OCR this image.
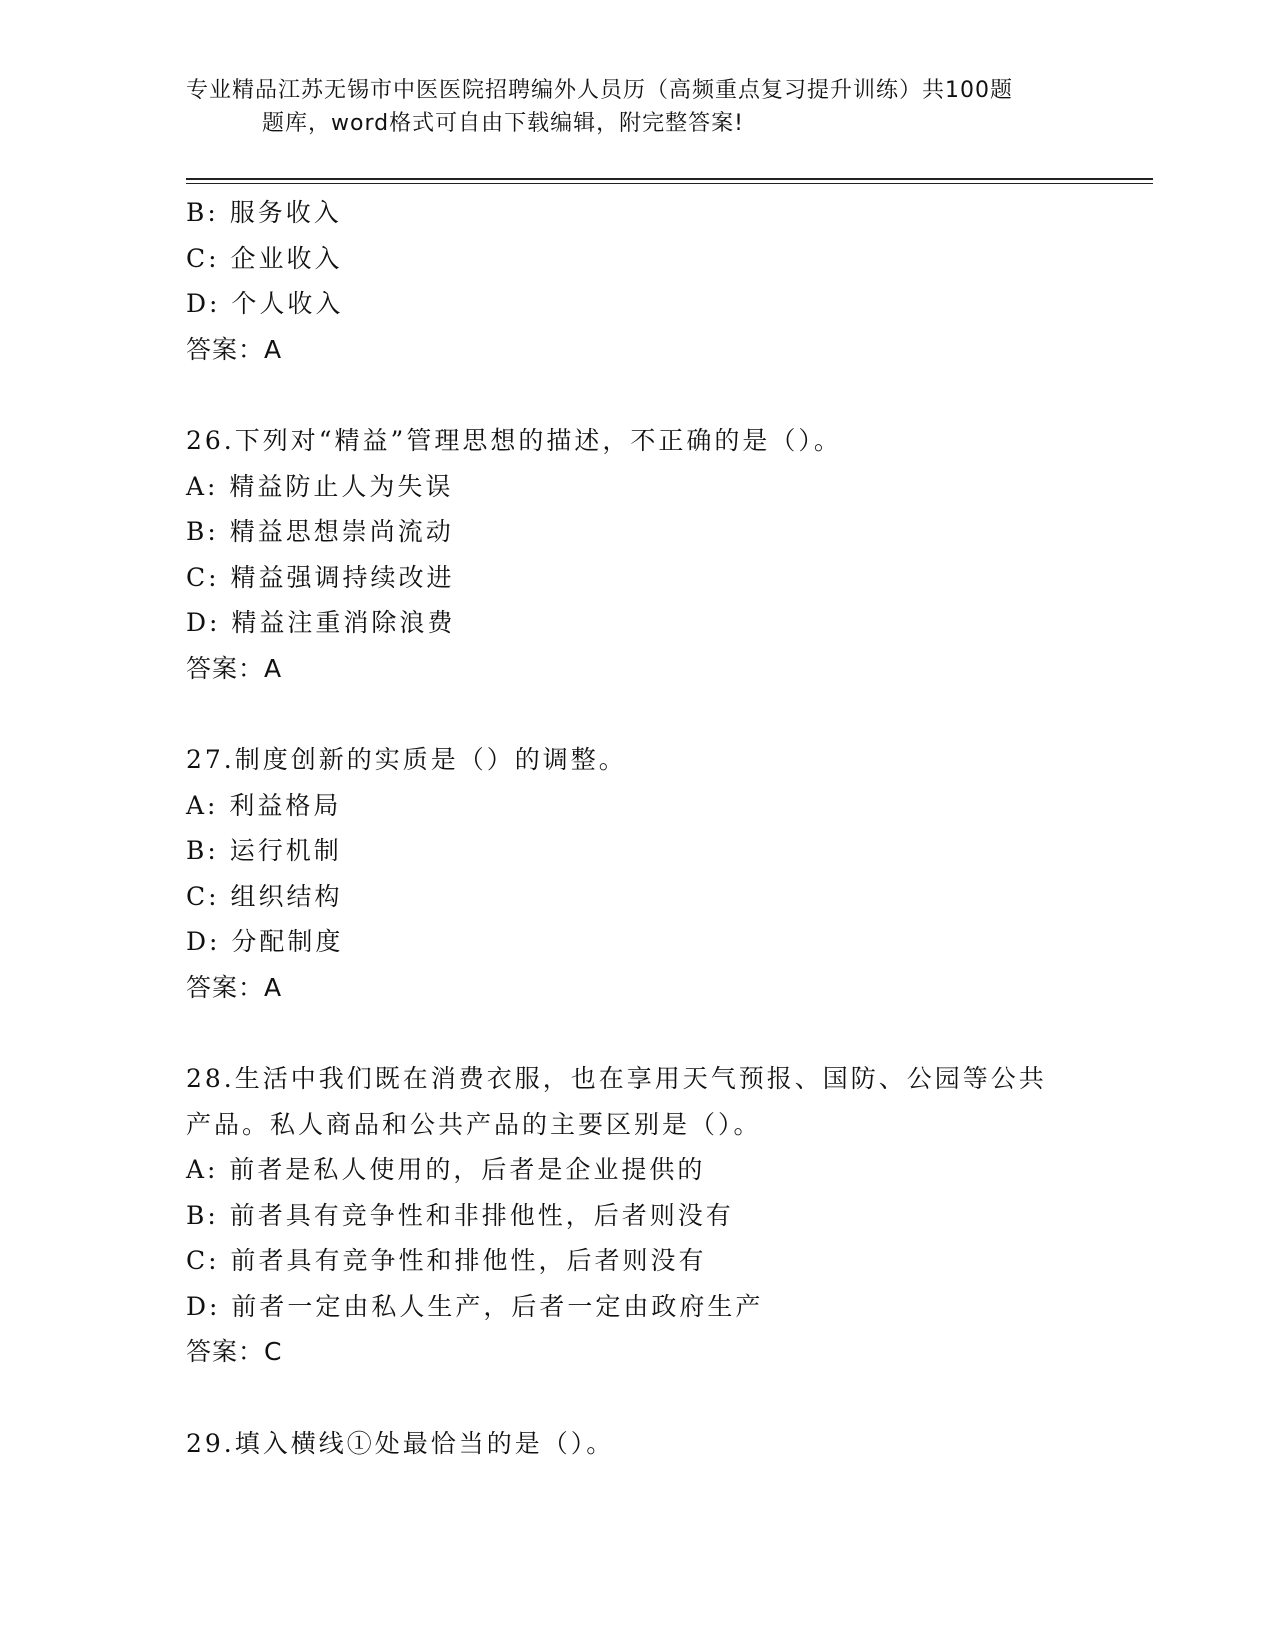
专业精品江苏无锡市中医医院招聘编外人员历（高频重点复习提升训练）共100题
题库，word格式可自由下载编辑，附完整答案!
B: 服务收入
C: 企业收入
D: 个人收入
答案：A
26.下列对“精益”管理思想的描述，不正确的是（）。
A: 精益防止人为失误
B: 精益思想崇尚流动
C: 精益强调持续改进
D: 精益注重消除浪费
答案：A
27.制度创新的实质是（）的调整。
A: 利益格局
B: 运行机制
C: 组织结构
D: 分配制度
答案：A
28.生活中我们既在消费衣服，也在享用天气预报、国防、公园等公共
产品。私人商品和公共产品的主要区别是（）。
A: 前者是私人使用的，后者是企业提供的
B: 前者具有竞争性和非排他性，后者则没有
C: 前者具有竞争性和排他性，后者则没有
D: 前者一定由私人生产，后者一定由政府生产
答案：C
29.填入横线①处最恰当的是（）。
